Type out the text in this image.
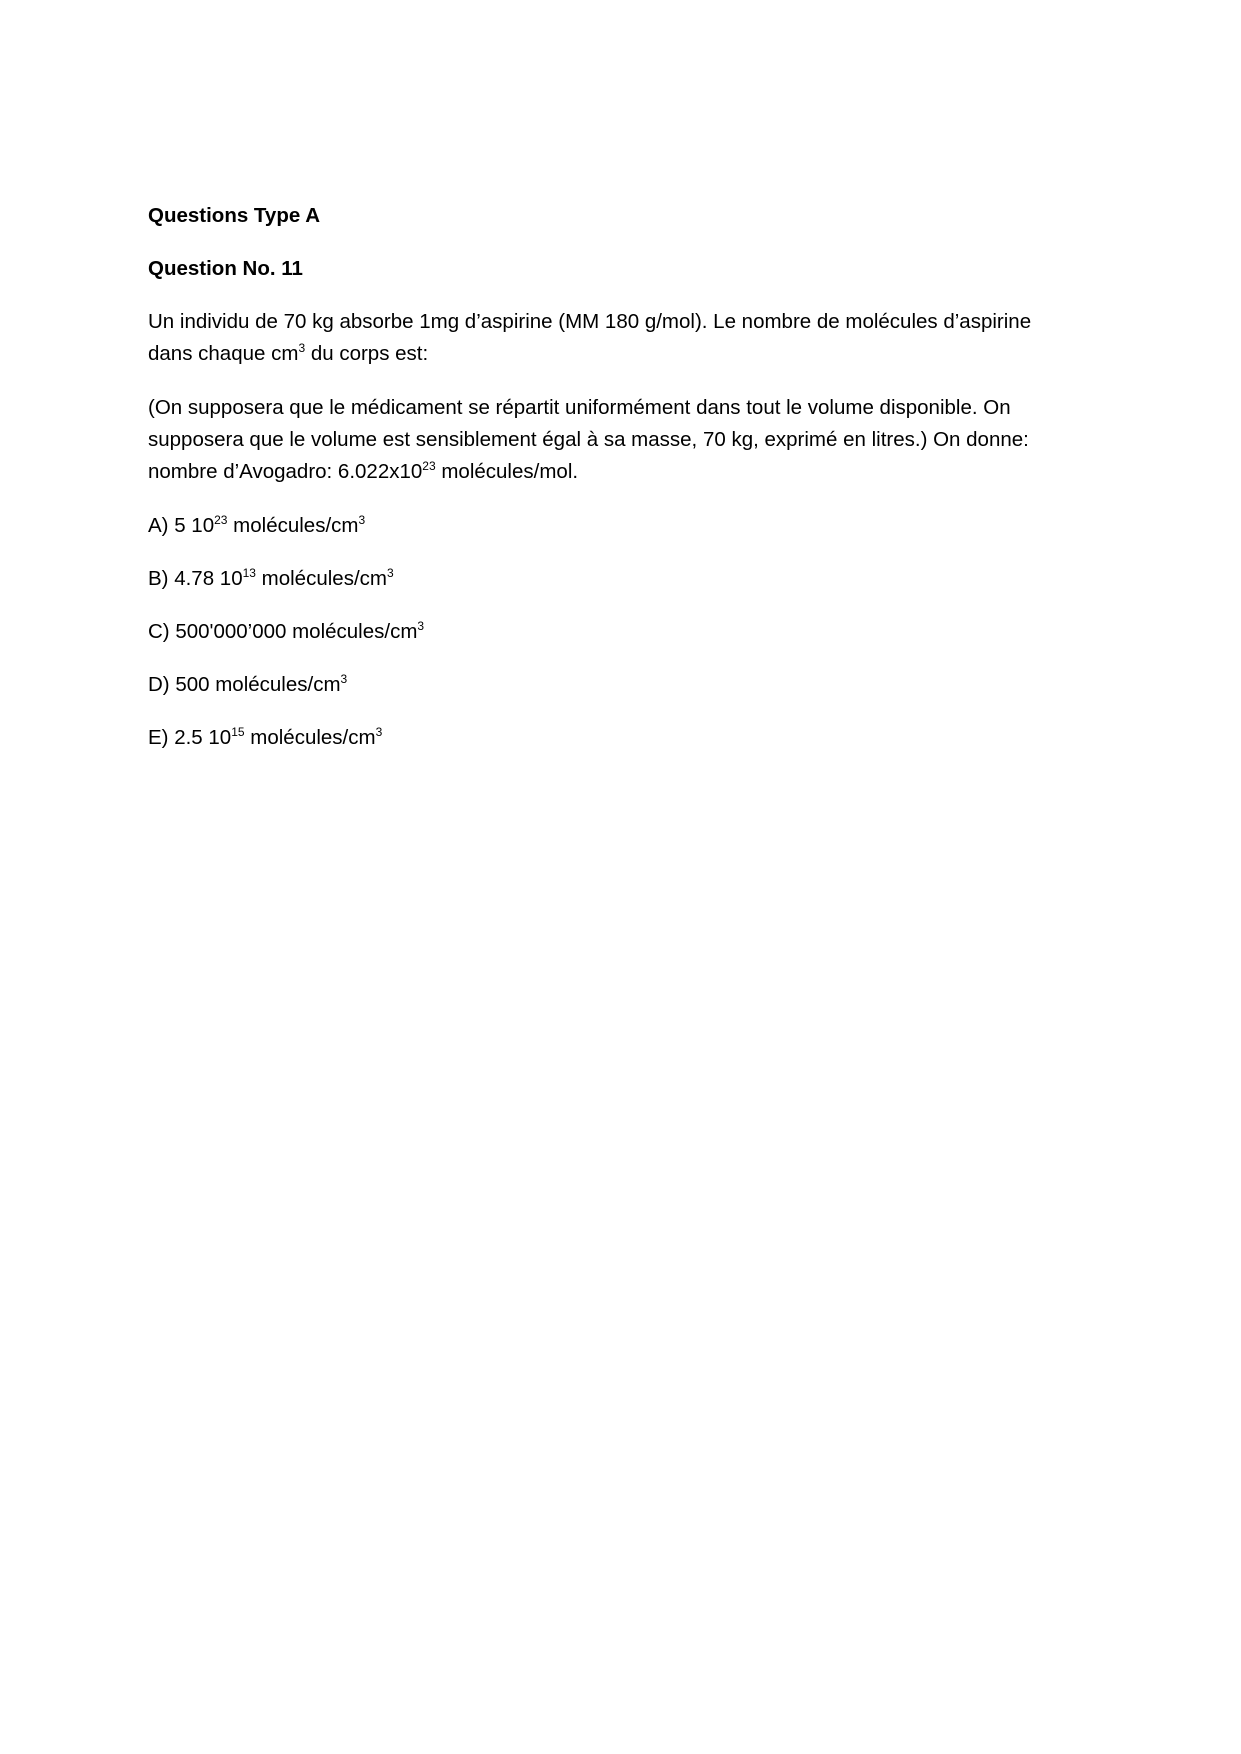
Questions Type A

Question No. 11

Un individu de 70 kg absorbe 1mg d’aspirine (MM 180 g/mol). Le nombre de molécules d’aspirine

dans chaque $cm^3$ du corps est:

(On supposera que le médicament se répartit uniformément dans tout le volume disponible. On

supposera que le volume est sensiblement égal à sa masse, 70 kg, exprimé en litres.) On donne:

nombre d’Avogadro: $6.022x10^{23}$ molécules/mol.

A) 5 $10^{23}$ molécules/$cm^3$

B) 4.78 $10^{13}$ molécules/$cm^3$

C) 500'000’000 molécules/$cm^3$

D) 500 molécules/$cm^3$

E) 2.5 $10^{15}$ molécules/$cm^3$
